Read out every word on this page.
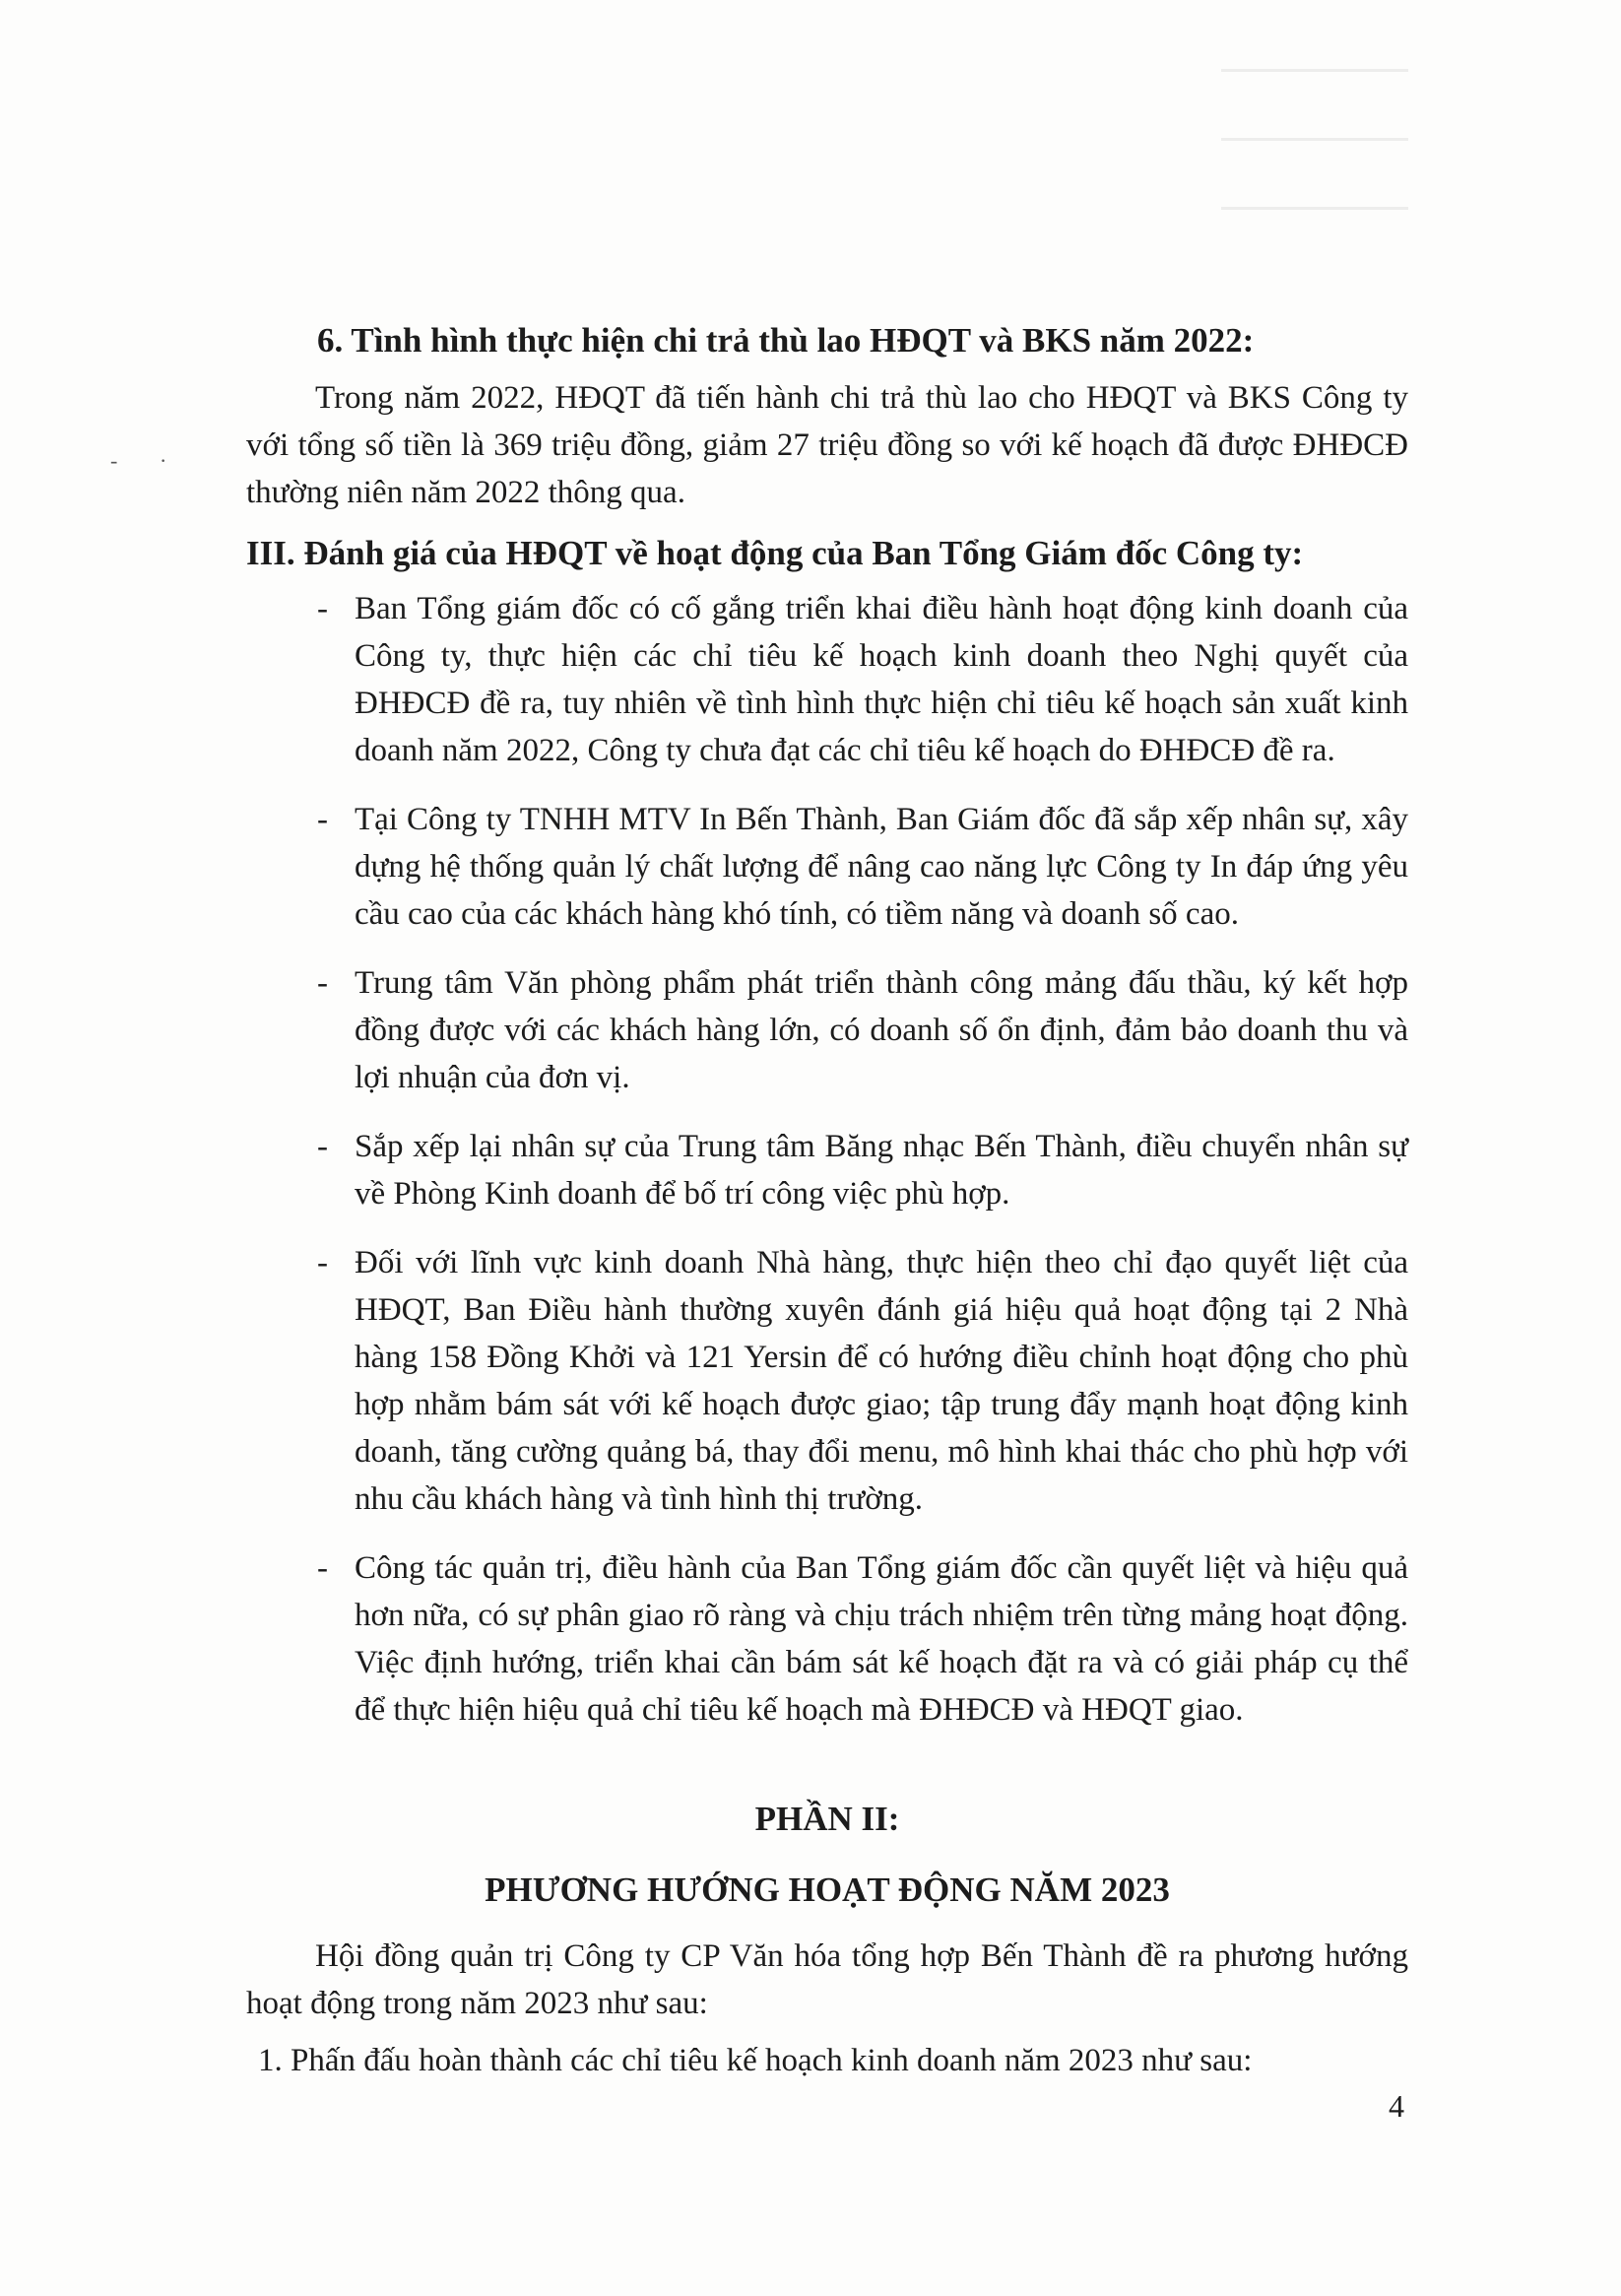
- ·

6. Tình hình thực hiện chi trả thù lao HĐQT và BKS năm 2022:

Trong năm 2022, HĐQT đã tiến hành chi trả thù lao cho HĐQT và BKS Công ty với tổng số tiền là 369 triệu đồng, giảm 27 triệu đồng so với kế hoạch đã được ĐHĐCĐ thường niên năm 2022 thông qua.

III. Đánh giá của HĐQT về hoạt động của Ban Tổng Giám đốc Công ty:

- Ban Tổng giám đốc có cố gắng triển khai điều hành hoạt động kinh doanh của Công ty, thực hiện các chỉ tiêu kế hoạch kinh doanh theo Nghị quyết của ĐHĐCĐ đề ra, tuy nhiên về tình hình thực hiện chỉ tiêu kế hoạch sản xuất kinh doanh năm 2022, Công ty chưa đạt các chỉ tiêu kế hoạch do ĐHĐCĐ đề ra.
- Tại Công ty TNHH MTV In Bến Thành, Ban Giám đốc đã sắp xếp nhân sự, xây dựng hệ thống quản lý chất lượng để nâng cao năng lực Công ty In đáp ứng yêu cầu cao của các khách hàng khó tính, có tiềm năng và doanh số cao.
- Trung tâm Văn phòng phẩm phát triển thành công mảng đấu thầu, ký kết hợp đồng được với các khách hàng lớn, có doanh số ổn định, đảm bảo doanh thu và lợi nhuận của đơn vị.
- Sắp xếp lại nhân sự của Trung tâm Băng nhạc Bến Thành, điều chuyển nhân sự về Phòng Kinh doanh để bố trí công việc phù hợp.
- Đối với lĩnh vực kinh doanh Nhà hàng, thực hiện theo chỉ đạo quyết liệt của HĐQT, Ban Điều hành thường xuyên đánh giá hiệu quả hoạt động tại 2 Nhà hàng 158 Đồng Khởi và 121 Yersin để có hướng điều chỉnh hoạt động cho phù hợp nhằm bám sát với kế hoạch được giao; tập trung đẩy mạnh hoạt động kinh doanh, tăng cường quảng bá, thay đổi menu, mô hình khai thác cho phù hợp với nhu cầu khách hàng và tình hình thị trường.
- Công tác quản trị, điều hành của Ban Tổng giám đốc cần quyết liệt và hiệu quả hơn nữa, có sự phân giao rõ ràng và chịu trách nhiệm trên từng mảng hoạt động. Việc định hướng, triển khai cần bám sát kế hoạch đặt ra và có giải pháp cụ thể để thực hiện hiệu quả chỉ tiêu kế hoạch mà ĐHĐCĐ và HĐQT giao.

PHẦN II:

PHƯƠNG HƯỚNG HOẠT ĐỘNG NĂM 2023

Hội đồng quản trị Công ty CP Văn hóa tổng hợp Bến Thành đề ra phương hướng hoạt động trong năm 2023 như sau:

1. Phấn đấu hoàn thành các chỉ tiêu kế hoạch kinh doanh năm 2023 như sau:

4
